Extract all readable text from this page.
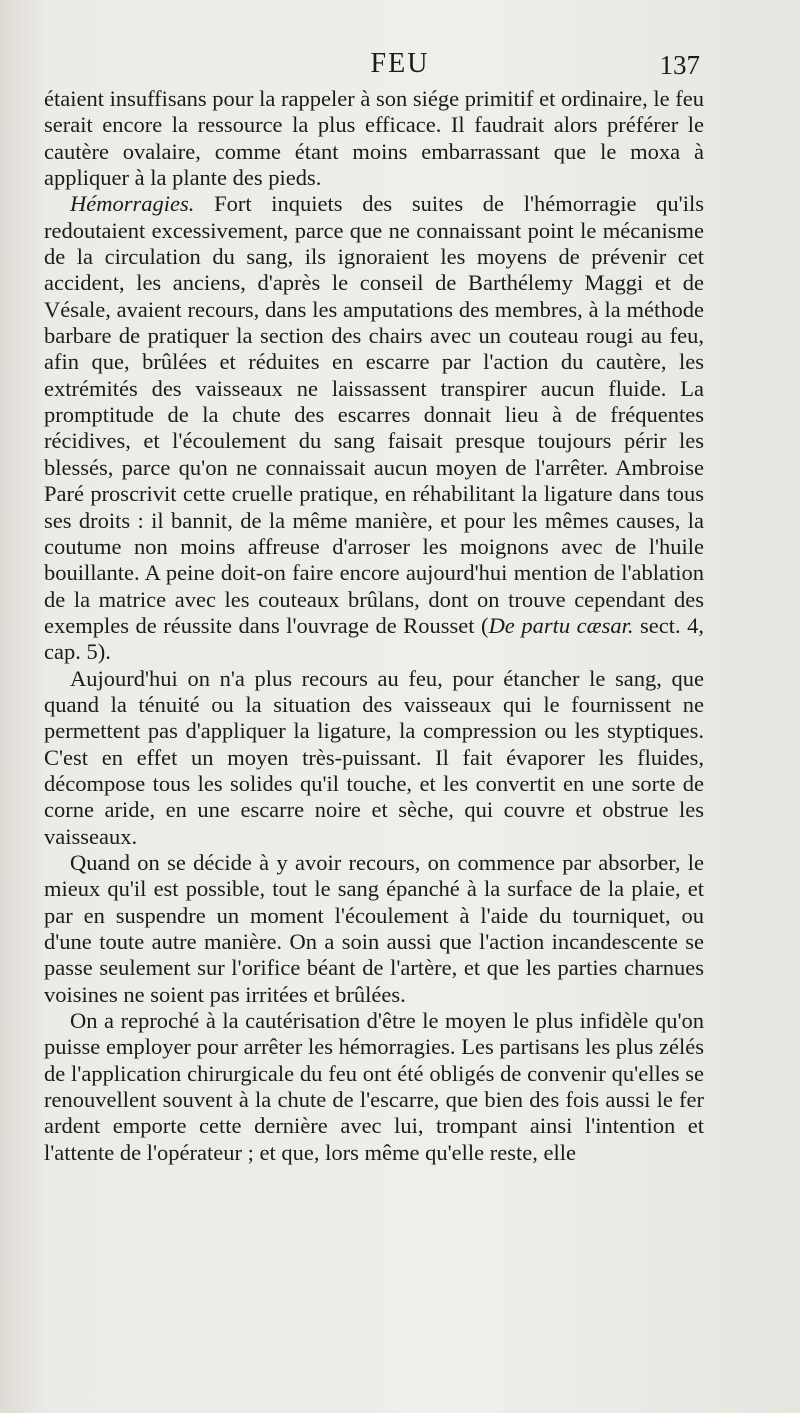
FEU	137

étaient insuffisans pour la rappeler à son siége primitif et ordinaire, le feu serait encore la ressource la plus efficace. Il faudrait alors préférer le cautère ovalaire, comme étant moins embarrassant que le moxa à appliquer à la plante des pieds.

Hémorragies. Fort inquiets des suites de l'hémorragie qu'ils redoutaient excessivement, parce que ne connaissant point le mécanisme de la circulation du sang, ils ignoraient les moyens de prévenir cet accident, les anciens, d'après le conseil de Barthélemy Maggi et de Vésale, avaient recours, dans les amputations des membres, à la méthode barbare de pratiquer la section des chairs avec un couteau rougi au feu, afin que, brûlées et réduites en escarre par l'action du cautère, les extrémités des vaisseaux ne laissassent transpirer aucun fluide. La promptitude de la chute des escarres donnait lieu à de fréquentes récidives, et l'écoulement du sang faisait presque toujours périr les blessés, parce qu'on ne connaissait aucun moyen de l'arrêter. Ambroise Paré proscrivit cette cruelle pratique, en réhabilitant la ligature dans tous ses droits : il bannit, de la même manière, et pour les mêmes causes, la coutume non moins affreuse d'arroser les moignons avec de l'huile bouillante. A peine doit-on faire encore aujourd'hui mention de l'ablation de la matrice avec les couteaux brûlans, dont on trouve cependant des exemples de réussite dans l'ouvrage de Rousset (De partu cæsar. sect. 4, cap. 5).

Aujourd'hui on n'a plus recours au feu, pour étancher le sang, que quand la ténuité ou la situation des vaisseaux qui le fournissent ne permettent pas d'appliquer la ligature, la compression ou les styptiques. C'est en effet un moyen très-puissant. Il fait évaporer les fluides, décompose tous les solides qu'il touche, et les convertit en une sorte de corne aride, en une escarre noire et sèche, qui couvre et obstrue les vaisseaux.

Quand on se décide à y avoir recours, on commence par absorber, le mieux qu'il est possible, tout le sang épanché à la surface de la plaie, et par en suspendre un moment l'écoulement à l'aide du tourniquet, ou d'une toute autre manière. On a soin aussi que l'action incandescente se passe seulement sur l'orifice béant de l'artère, et que les parties charnues voisines ne soient pas irritées et brûlées.

On a reproché à la cautérisation d'être le moyen le plus infidèle qu'on puisse employer pour arrêter les hémorragies. Les partisans les plus zélés de l'application chirurgicale du feu ont été obligés de convenir qu'elles se renouvellent souvent à la chute de l'escarre, que bien des fois aussi le fer ardent emporte cette dernière avec lui, trompant ainsi l'intention et l'attente de l'opérateur ; et que, lors même qu'elle reste, elle
